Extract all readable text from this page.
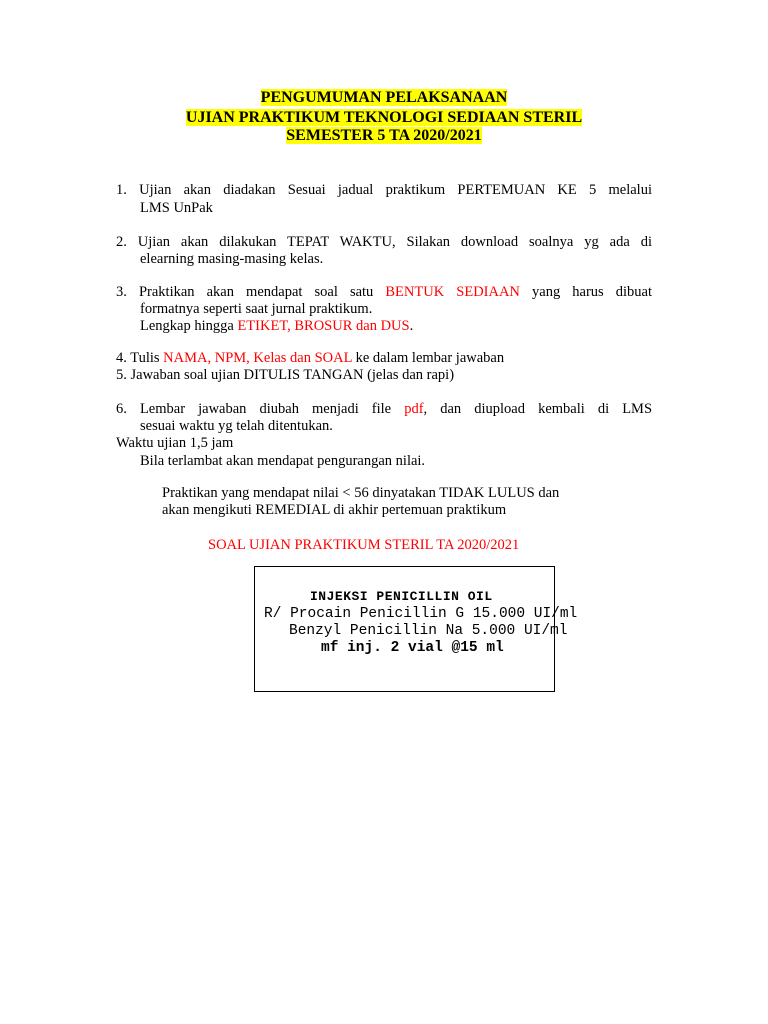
PENGUMUMAN PELAKSANAAN
UJIAN PRAKTIKUM TEKNOLOGI SEDIAAN STERIL
SEMESTER 5 TA 2020/2021
1. Ujian akan diadakan Sesuai jadual praktikum PERTEMUAN KE 5 melalui
LMS UnPak
2. Ujian akan dilakukan TEPAT WAKTU, Silakan download soalnya yg ada di
elearning masing-masing kelas.
3. Praktikan akan mendapat soal satu BENTUK SEDIAAN yang harus dibuat
formatnya seperti saat jurnal praktikum.
Lengkap hingga ETIKET, BROSUR dan DUS.
4. Tulis NAMA, NPM, Kelas dan SOAL ke dalam lembar jawaban
5. Jawaban soal ujian DITULIS TANGAN (jelas dan rapi)
6. Lembar jawaban diubah menjadi file pdf, dan diupload kembali di LMS
sesuai waktu yg telah ditentukan.
Waktu ujian 1,5 jam
Bila terlambat akan mendapat pengurangan nilai.
Praktikan yang mendapat nilai < 56 dinyatakan TIDAK LULUS dan
akan mengikuti REMEDIAL di akhir pertemuan praktikum
SOAL UJIAN PRAKTIKUM STERIL TA 2020/2021
INJEKSI PENICILLIN OIL
R/ Procain Penicillin G 15.000 UI/ml
Benzyl Penicillin Na 5.000 UI/ml
mf inj. 2 vial @15 ml
